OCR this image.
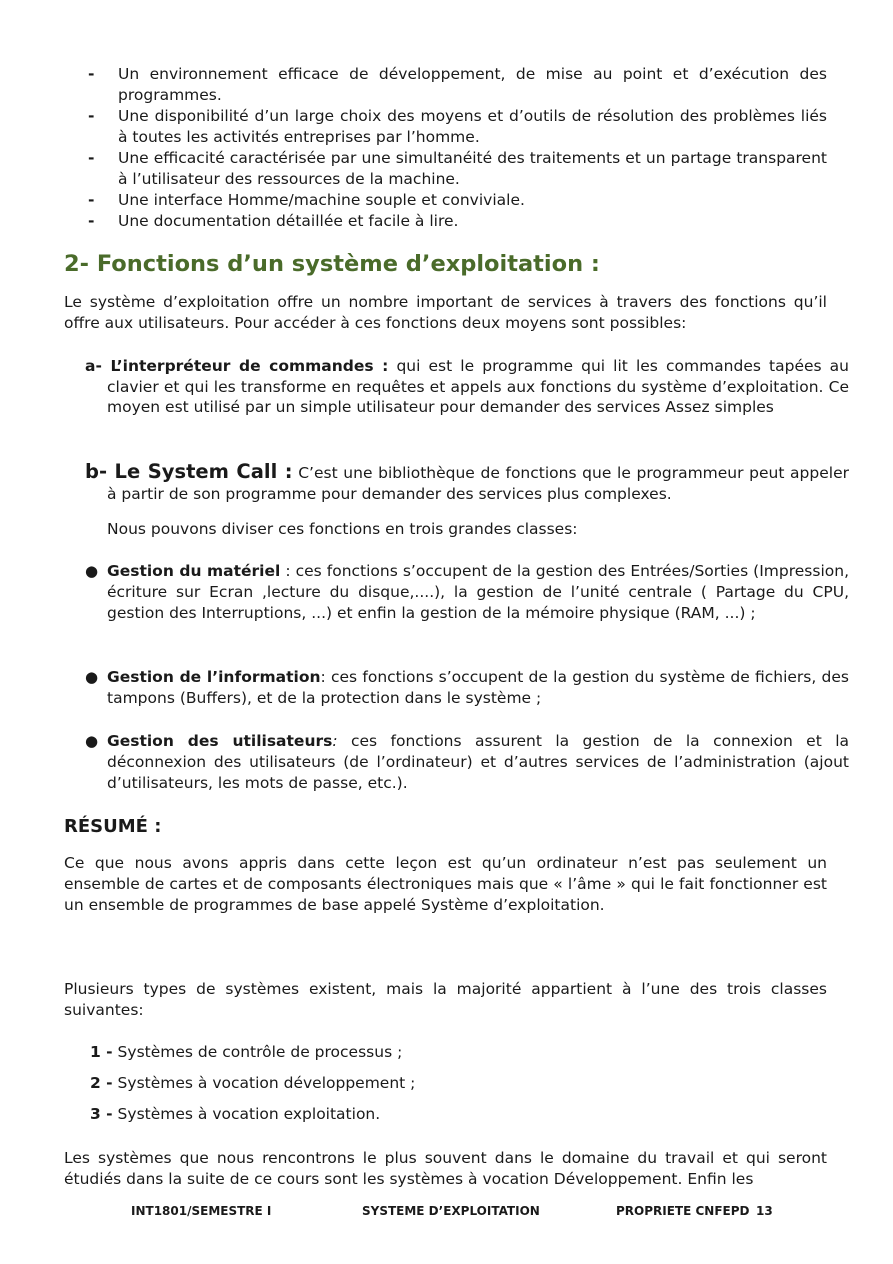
- Un environnement efficace de développement, de mise au point et d’exécution des programmes.

- Une disponibilité d’un large choix des moyens et d’outils de résolution des problèmes liés à toutes les activités entreprises par l’homme.

- Une efficacité caractérisée par une simultanéité des traitements et un partage transparent à l’utilisateur des ressources de la machine.

- Une interface Homme/machine souple et conviviale.

- Une documentation détaillée et facile à lire.

2- Fonctions d’un système d’exploitation :

Le système d’exploitation offre un nombre important de services à travers des fonctions qu’il offre aux utilisateurs. Pour accéder à ces fonctions deux moyens sont possibles:

a- L’interpréteur de commandes : qui est le programme qui lit les commandes tapées au clavier et qui les transforme en requêtes et appels aux fonctions du système d’exploitation. Ce moyen est utilisé par un simple utilisateur pour demander des services Assez simples

b- Le System Call : C’est une bibliothèque de fonctions que le programmeur peut appeler à partir de son programme pour demander des services plus complexes.

Nous pouvons diviser ces fonctions en trois grandes classes:

● Gestion du matériel : ces fonctions s’occupent de la gestion des Entrées/Sorties (Impression, écriture sur Ecran ,lecture du disque,....), la gestion de l’unité centrale ( Partage du CPU, gestion des Interruptions, ...) et enfin la gestion de la mémoire physique (RAM, ...) ;

● Gestion de l’information: ces fonctions s’occupent de la gestion du système de fichiers, des tampons (Buffers), et de la protection dans le système ;

● Gestion des utilisateurs: ces fonctions assurent la gestion de la connexion et la déconnexion des utilisateurs (de l’ordinateur) et d’autres services de l’administration (ajout d’utilisateurs, les mots de passe, etc.).

RÉSUMÉ :

Ce que nous avons appris dans cette leçon est qu’un ordinateur n’est pas seulement un ensemble de cartes et de composants électroniques mais que « l’âme » qui le fait fonctionner est un ensemble de programmes de base appelé Système d’exploitation.

Plusieurs types de systèmes existent, mais la majorité appartient à l’une des trois classes suivantes:

1 - Systèmes de contrôle de processus ;

2 - Systèmes à vocation développement ;

3 - Systèmes à vocation exploitation.

Les systèmes que nous rencontrons le plus souvent dans le domaine du travail et qui seront étudiés dans la suite de ce cours sont les systèmes à vocation Développement. Enfin les

INT1801/SEMESTRE I	SYSTEME D’EXPLOITATION	PROPRIETE CNFEPD 13
